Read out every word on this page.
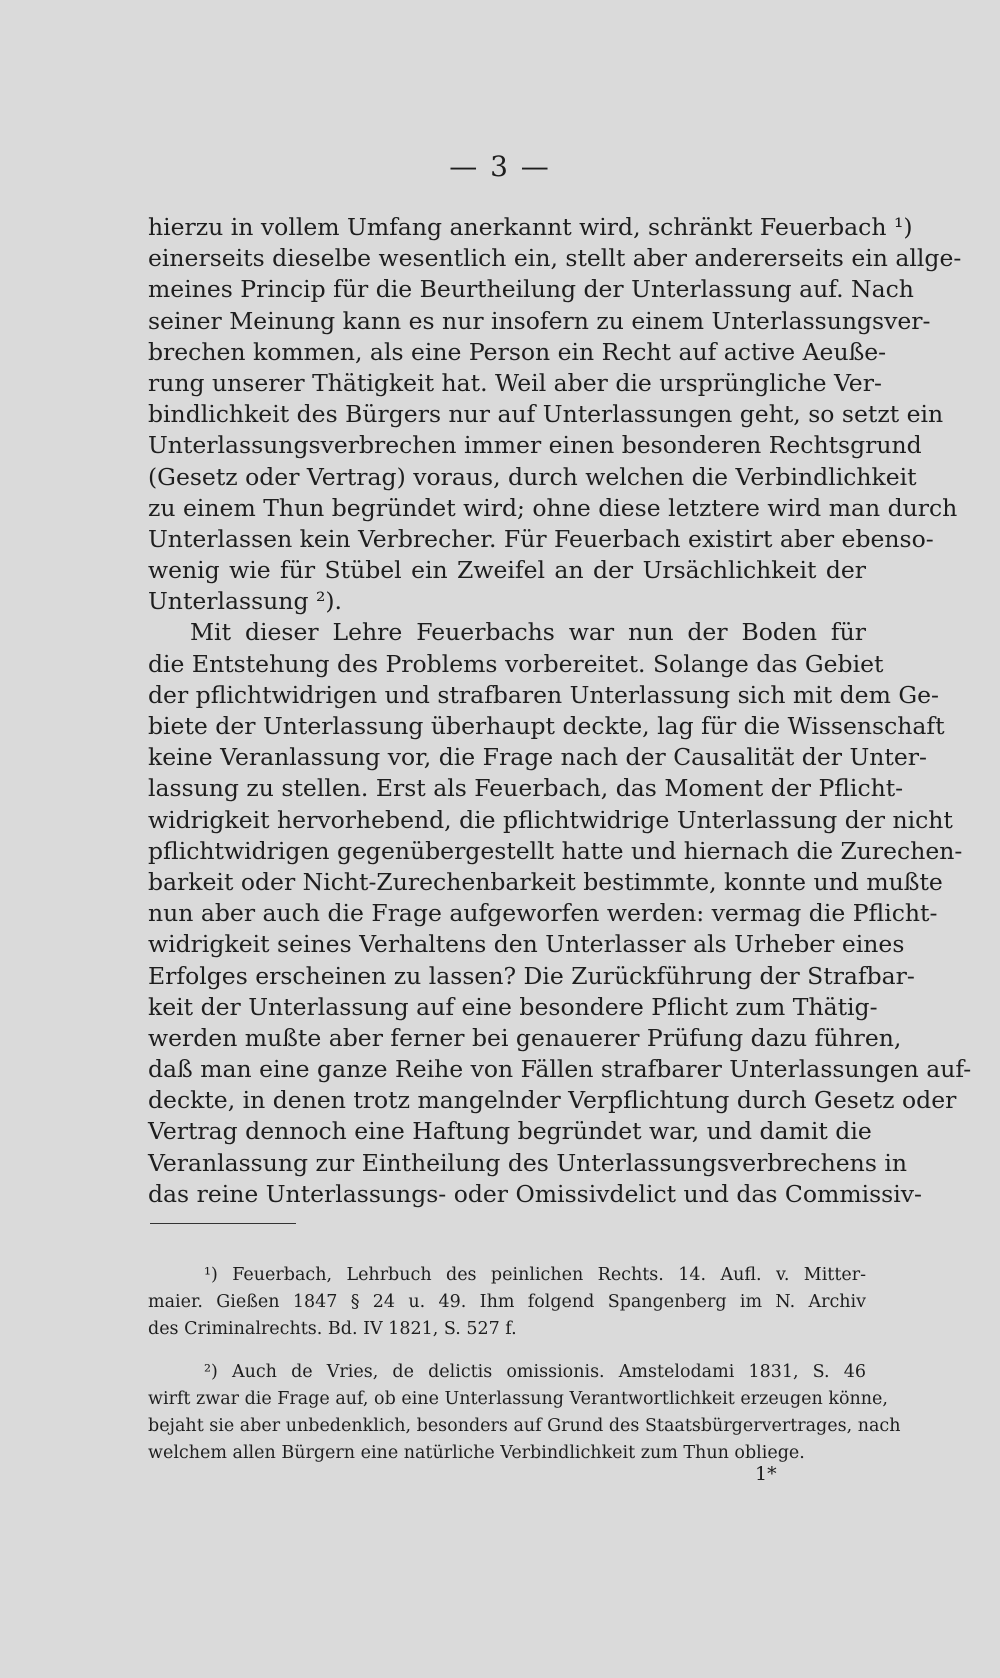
— 3 —
hierzu in vollem Umfang anerkannt wird, schränkt Feuerbach ¹)
einerseits dieselbe wesentlich ein, stellt aber andererseits ein allge-
meines Princip für die Beurtheilung der Unterlassung auf. Nach
seiner Meinung kann es nur insofern zu einem Unterlassungsver-
brechen kommen, als eine Person ein Recht auf active Aeuße-
rung unserer Thätigkeit hat. Weil aber die ursprüngliche Ver-
bindlichkeit des Bürgers nur auf Unterlassungen geht, so setzt ein
Unterlassungsverbrechen immer einen besonderen Rechtsgrund
(Gesetz oder Vertrag) voraus, durch welchen die Verbindlichkeit
zu einem Thun begründet wird; ohne diese letztere wird man durch
Unterlassen kein Verbrecher. Für Feuerbach existirt aber ebenso-
wenig wie für Stübel ein Zweifel an der Ursächlichkeit der
Unterlassung ²).
Mit dieser Lehre Feuerbachs war nun der Boden für
die Entstehung des Problems vorbereitet. Solange das Gebiet
der pflichtwidrigen und strafbaren Unterlassung sich mit dem Ge-
biete der Unterlassung überhaupt deckte, lag für die Wissenschaft
keine Veranlassung vor, die Frage nach der Causalität der Unter-
lassung zu stellen. Erst als Feuerbach, das Moment der Pflicht-
widrigkeit hervorhebend, die pflichtwidrige Unterlassung der nicht
pflichtwidrigen gegenübergestellt hatte und hiernach die Zurechen-
barkeit oder Nicht-Zurechenbarkeit bestimmte, konnte und mußte
nun aber auch die Frage aufgeworfen werden: vermag die Pflicht-
widrigkeit seines Verhaltens den Unterlasser als Urheber eines
Erfolges erscheinen zu lassen? Die Zurückführung der Strafbar-
keit der Unterlassung auf eine besondere Pflicht zum Thätig-
werden mußte aber ferner bei genauerer Prüfung dazu führen,
daß man eine ganze Reihe von Fällen strafbarer Unterlassungen auf-
deckte, in denen trotz mangelnder Verpflichtung durch Gesetz oder
Vertrag dennoch eine Haftung begründet war, und damit die
Veranlassung zur Eintheilung des Unterlassungsverbrechens in
das reine Unterlassungs- oder Omissivdelict und das Commissiv-
¹) Feuerbach, Lehrbuch des peinlichen Rechts. 14. Aufl. v. Mitter-
maier. Gießen 1847 § 24 u. 49. Ihm folgend Spangenberg im N. Archiv
des Criminalrechts. Bd. IV 1821, S. 527 f.
²) Auch de Vries, de delictis omissionis. Amstelodami 1831, S. 46
wirft zwar die Frage auf, ob eine Unterlassung Verantwortlichkeit erzeugen könne,
bejaht sie aber unbedenklich, besonders auf Grund des Staatsbürgervertrages, nach
welchem allen Bürgern eine natürliche Verbindlichkeit zum Thun obliege.
1*
